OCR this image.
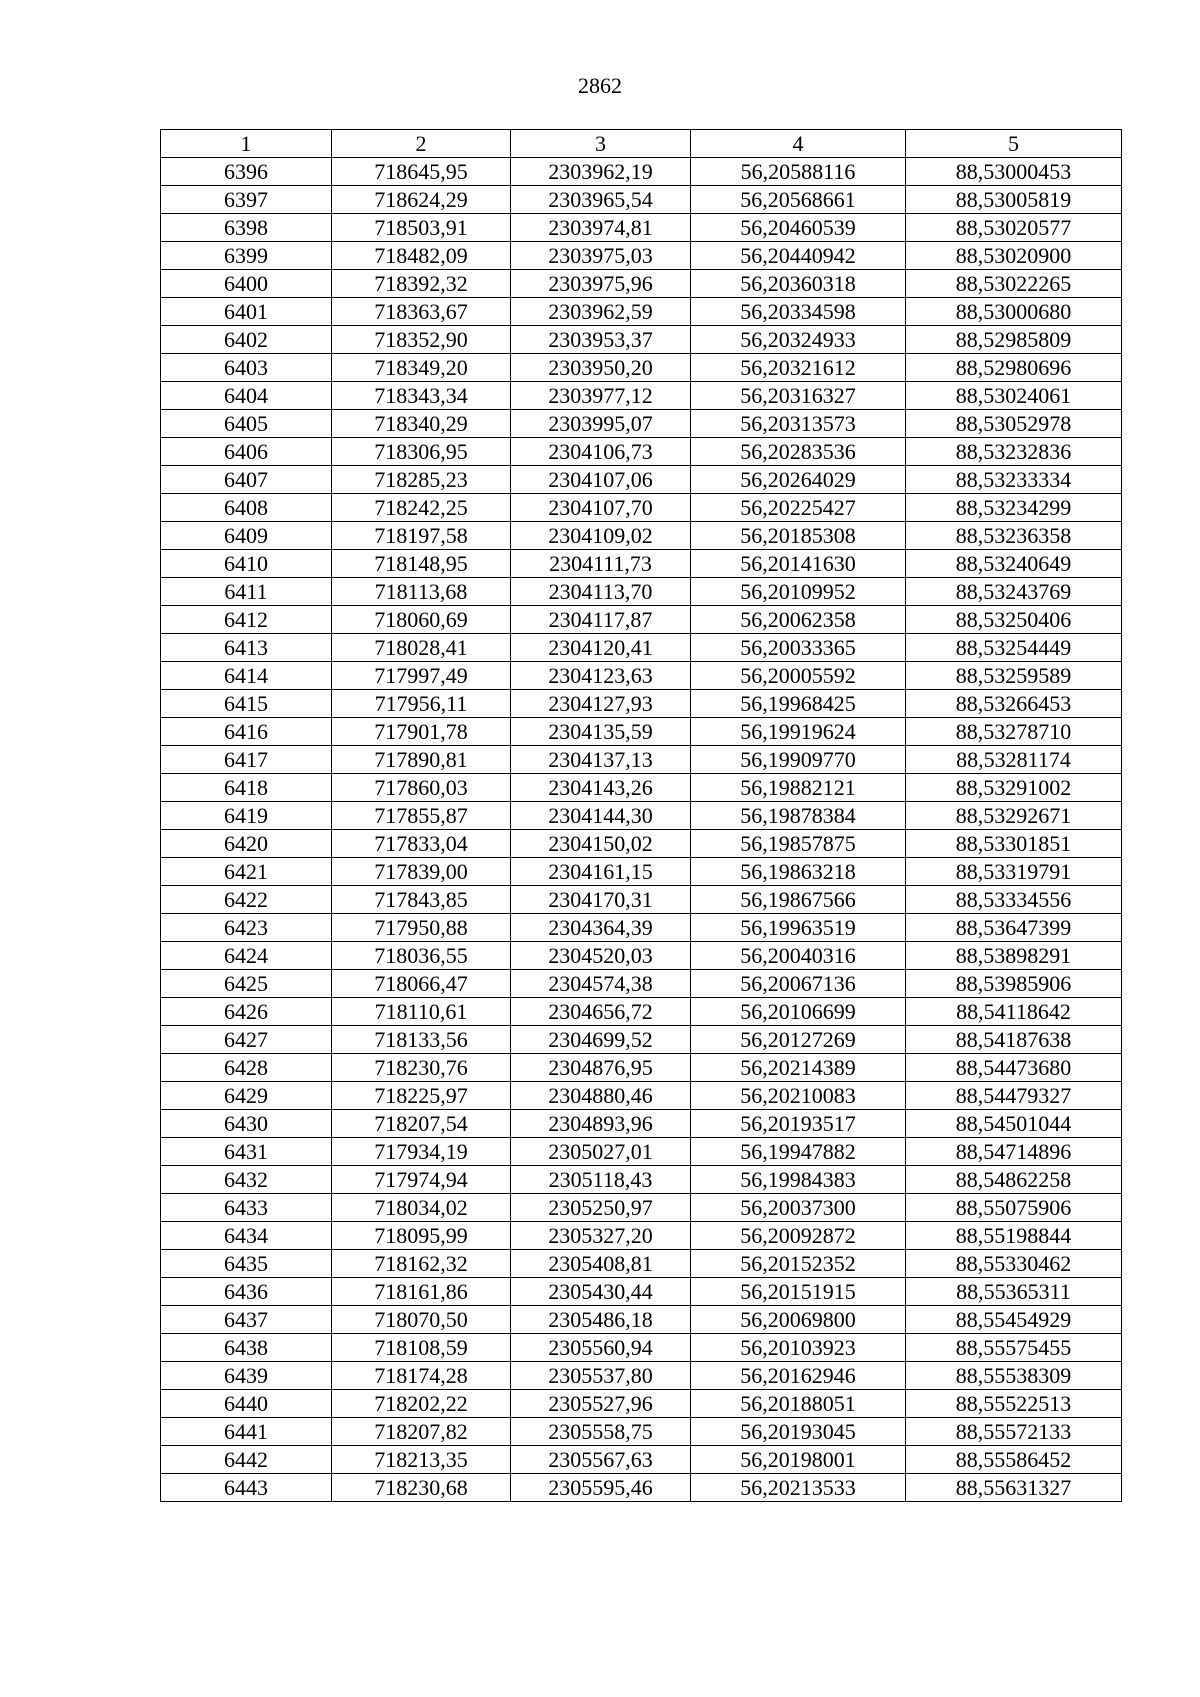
2862
1	2	3	4	5
6396	718645,95	2303962,19	56,20588116	88,53000453
6397	718624,29	2303965,54	56,20568661	88,53005819
6398	718503,91	2303974,81	56,20460539	88,53020577
6399	718482,09	2303975,03	56,20440942	88,53020900
6400	718392,32	2303975,96	56,20360318	88,53022265
6401	718363,67	2303962,59	56,20334598	88,53000680
6402	718352,90	2303953,37	56,20324933	88,52985809
6403	718349,20	2303950,20	56,20321612	88,52980696
6404	718343,34	2303977,12	56,20316327	88,53024061
6405	718340,29	2303995,07	56,20313573	88,53052978
6406	718306,95	2304106,73	56,20283536	88,53232836
6407	718285,23	2304107,06	56,20264029	88,53233334
6408	718242,25	2304107,70	56,20225427	88,53234299
6409	718197,58	2304109,02	56,20185308	88,53236358
6410	718148,95	2304111,73	56,20141630	88,53240649
6411	718113,68	2304113,70	56,20109952	88,53243769
6412	718060,69	2304117,87	56,20062358	88,53250406
6413	718028,41	2304120,41	56,20033365	88,53254449
6414	717997,49	2304123,63	56,20005592	88,53259589
6415	717956,11	2304127,93	56,19968425	88,53266453
6416	717901,78	2304135,59	56,19919624	88,53278710
6417	717890,81	2304137,13	56,19909770	88,53281174
6418	717860,03	2304143,26	56,19882121	88,53291002
6419	717855,87	2304144,30	56,19878384	88,53292671
6420	717833,04	2304150,02	56,19857875	88,53301851
6421	717839,00	2304161,15	56,19863218	88,53319791
6422	717843,85	2304170,31	56,19867566	88,53334556
6423	717950,88	2304364,39	56,19963519	88,53647399
6424	718036,55	2304520,03	56,20040316	88,53898291
6425	718066,47	2304574,38	56,20067136	88,53985906
6426	718110,61	2304656,72	56,20106699	88,54118642
6427	718133,56	2304699,52	56,20127269	88,54187638
6428	718230,76	2304876,95	56,20214389	88,54473680
6429	718225,97	2304880,46	56,20210083	88,54479327
6430	718207,54	2304893,96	56,20193517	88,54501044
6431	717934,19	2305027,01	56,19947882	88,54714896
6432	717974,94	2305118,43	56,19984383	88,54862258
6433	718034,02	2305250,97	56,20037300	88,55075906
6434	718095,99	2305327,20	56,20092872	88,55198844
6435	718162,32	2305408,81	56,20152352	88,55330462
6436	718161,86	2305430,44	56,20151915	88,55365311
6437	718070,50	2305486,18	56,20069800	88,55454929
6438	718108,59	2305560,94	56,20103923	88,55575455
6439	718174,28	2305537,80	56,20162946	88,55538309
6440	718202,22	2305527,96	56,20188051	88,55522513
6441	718207,82	2305558,75	56,20193045	88,55572133
6442	718213,35	2305567,63	56,20198001	88,55586452
6443	718230,68	2305595,46	56,20213533	88,55631327
